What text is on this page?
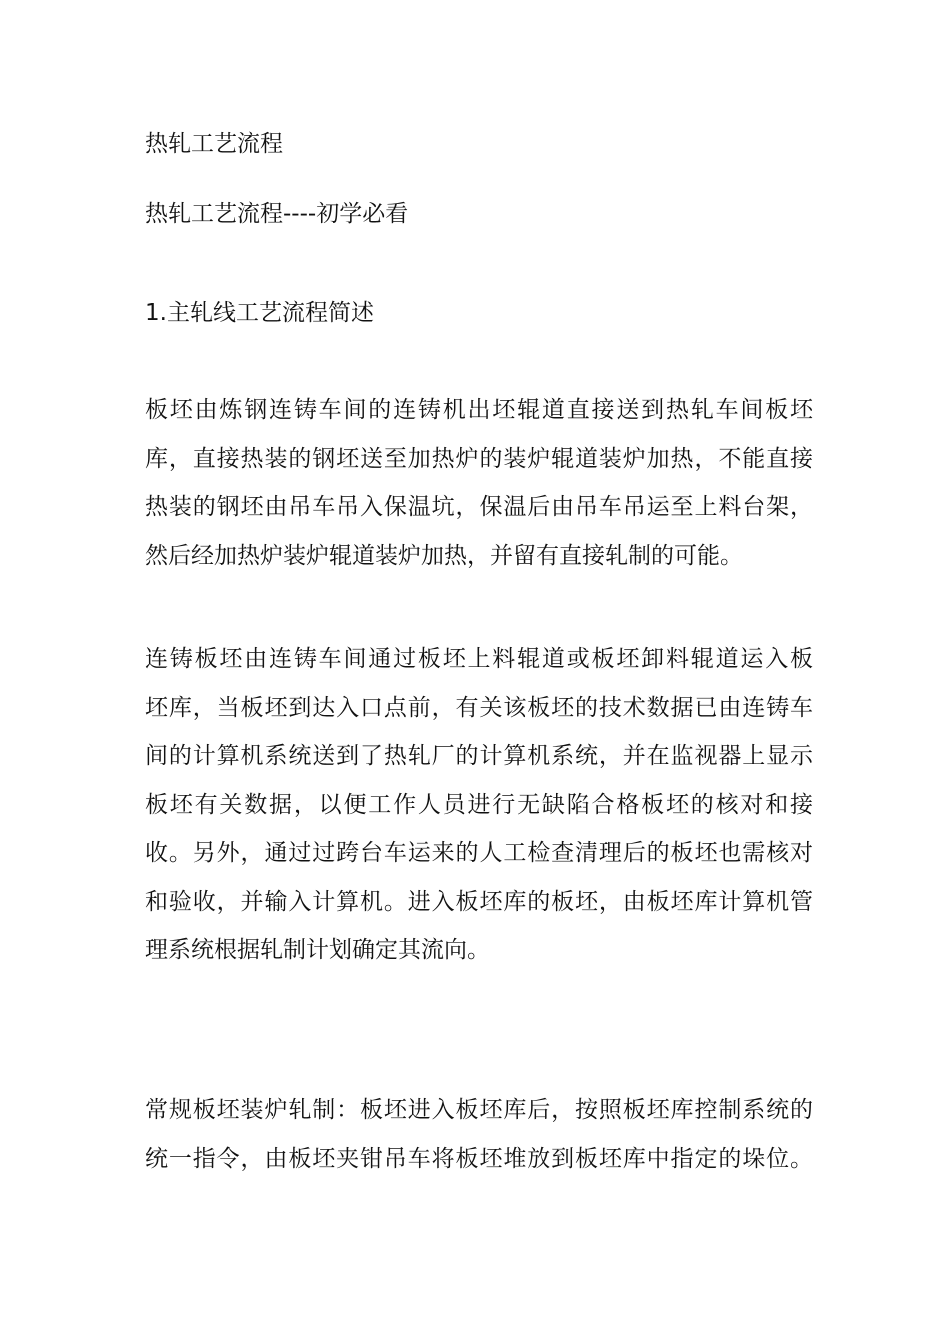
热轧工艺流程
热轧工艺流程----初学必看
1.主轧线工艺流程简述

板坯由炼钢连铸车间的连铸机出坯辊道直接送到热轧车间板坯

库，直接热装的钢坯送至加热炉的装炉辊道装炉加热，不能直接

热装的钢坯由吊车吊入保温坑，保温后由吊车吊运至上料台架，

然后经加热炉装炉辊道装炉加热，并留有直接轧制的可能。

连铸板坯由连铸车间通过板坯上料辊道或板坯卸料辊道运入板

坯库，当板坯到达入口点前，有关该板坯的技术数据已由连铸车

间的计算机系统送到了热轧厂的计算机系统，并在监视器上显示

板坯有关数据，以便工作人员进行无缺陷合格板坯的核对和接

收。另外，通过过跨台车运来的人工检查清理后的板坯也需核对

和验收，并输入计算机。进入板坯库的板坯，由板坯库计算机管

理系统根据轧制计划确定其流向。

常规板坯装炉轧制：板坯进入板坯库后，按照板坯库控制系统的

统一指令，由板坯夹钳吊车将板坯堆放到板坯库中指定的垛位。
